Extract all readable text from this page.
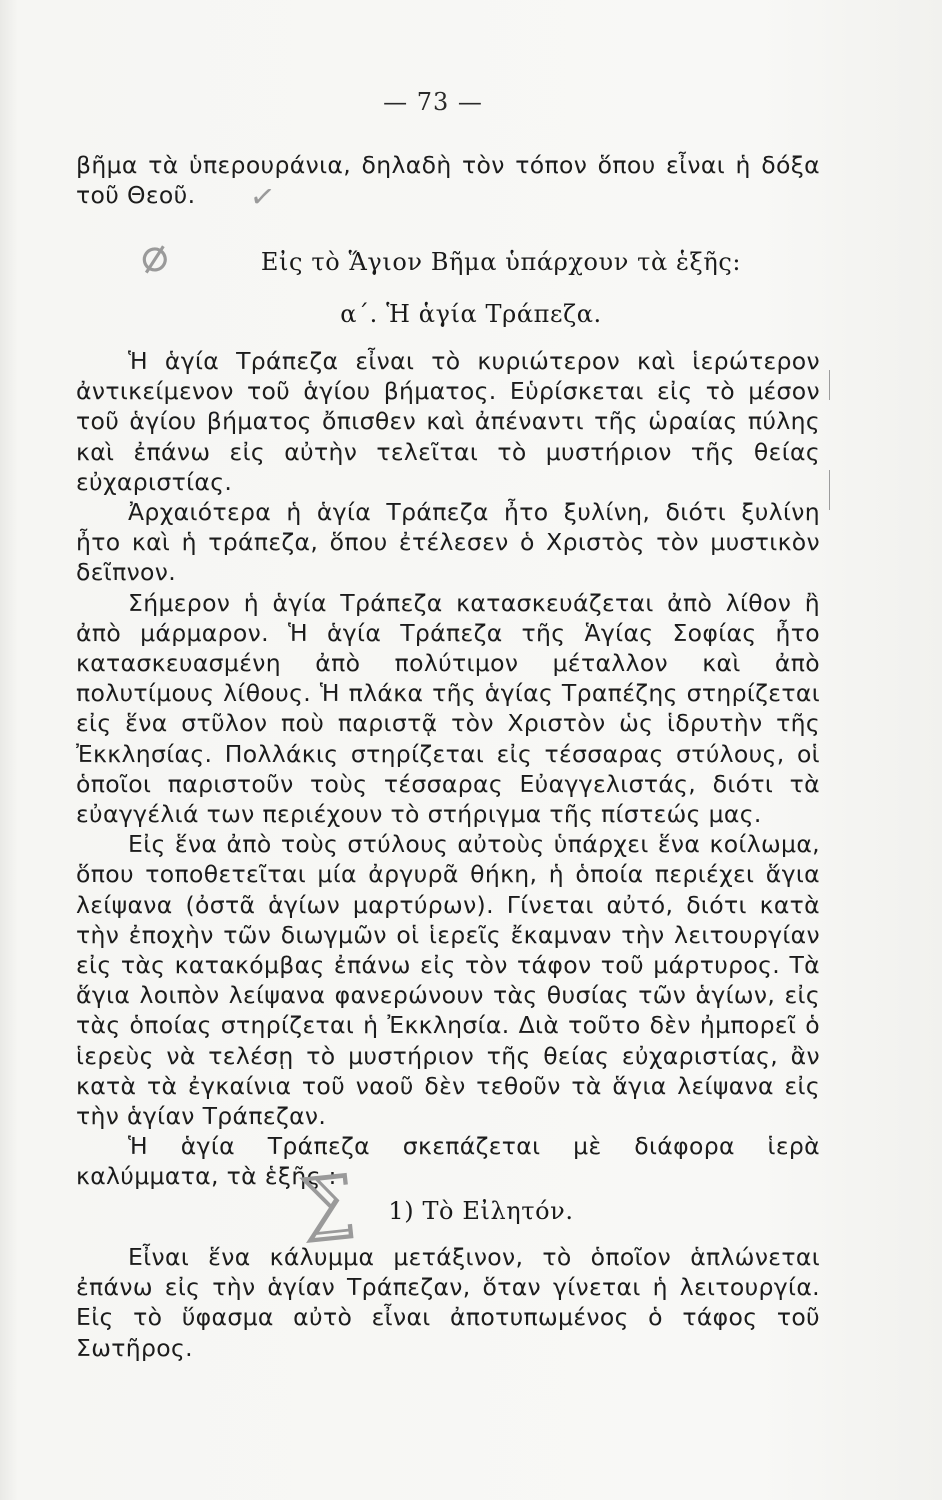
— 73 —

βῆμα τὰ ὑπερουράνια, δηλαδὴ τὸν τόπον ὅπου εἶναι ἡ δόξα τοῦ Θεοῦ.

⌀
✓
Εἰς τὸ Ἅγιον Βῆμα ὑπάρχουν τὰ ἑξῆς:
α΄. Ἡ ἁγία Τράπεζα.

Ἡ ἁγία Τράπεζα εἶναι τὸ κυριώτερον καὶ ἱερώτερον ἀντικείμενον τοῦ ἁγίου βήματος. Εὑρίσκεται εἰς τὸ μέσον τοῦ ἁγίου βήματος ὄπισθεν καὶ ἀπέναντι τῆς ὡραίας πύλης καὶ ἐπάνω εἰς αὐτὴν τελεῖται τὸ μυστήριον τῆς θείας εὐχαριστίας.

Ἀρχαιότερα ἡ ἁγία Τράπεζα ἦτο ξυλίνη, διότι ξυλίνη ἦτο καὶ ἡ τράπεζα, ὅπου ἐτέλεσεν ὁ Χριστὸς τὸν μυστικὸν δεῖπνον.

Σήμερον ἡ ἁγία Τράπεζα κατασκευάζεται ἀπὸ λίθον ἢ ἀπὸ μάρμαρον. Ἡ ἁγία Τράπεζα τῆς Ἁγίας Σοφίας ἦτο κατασκευασμένη ἀπὸ πολύτιμον μέταλλον καὶ ἀπὸ πολυτίμους λίθους. Ἡ πλάκα τῆς ἁγίας Τραπέζης στηρίζεται εἰς ἕνα στῦλον ποὺ παριστᾷ τὸν Χριστὸν ὡς ἱδρυτὴν τῆς Ἐκκλησίας. Πολλάκις στηρίζεται εἰς τέσσαρας στύλους, οἱ ὁποῖοι παριστοῦν τοὺς τέσσαρας Εὐαγγελιστάς, διότι τὰ εὐαγγέλιά των περιέχουν τὸ στήριγμα τῆς πίστεώς μας.

Εἰς ἕνα ἀπὸ τοὺς στύλους αὐτοὺς ὑπάρχει ἕνα κοίλωμα, ὅπου τοποθετεῖται μία ἀργυρᾶ θήκη, ἡ ὁποία περιέχει ἅγια λείψανα (ὀστᾶ ἁγίων μαρτύρων). Γίνεται αὐτό, διότι κατὰ τὴν ἐποχὴν τῶν διωγμῶν οἱ ἱερεῖς ἔκαμναν τὴν λειτουργίαν εἰς τὰς κατακόμβας ἐπάνω εἰς τὸν τάφον τοῦ μάρτυρος. Τὰ ἅγια λοιπὸν λείψανα φανερώνουν τὰς θυσίας τῶν ἁγίων, εἰς τὰς ὁποίας στηρίζεται ἡ Ἐκκλησία. Διὰ τοῦτο δὲν ἠμπορεῖ ὁ ἱερεὺς νὰ τελέσῃ τὸ μυστήριον τῆς θείας εὐχαριστίας, ἂν κατὰ τὰ ἐγκαίνια τοῦ ναοῦ δὲν τεθοῦν τὰ ἅγια λείψανα εἰς τὴν ἁγίαν Τράπεζαν.

Ἡ ἁγία Τράπεζα σκεπάζεται μὲ διάφορα ἱερὰ καλύμματα, τὰ ἑξῆς :

⅀	1) Τὸ Εἰλητόν.

Εἶναι ἕνα κάλυμμα μετάξινον, τὸ ὁποῖον ἁπλώνεται ἐπάνω εἰς τὴν ἁγίαν Τράπεζαν, ὅταν γίνεται ἡ λειτουργία. Εἰς τὸ ὕφασμα αὐτὸ εἶναι ἀποτυπωμένος ὁ τάφος τοῦ Σωτῆρος.
